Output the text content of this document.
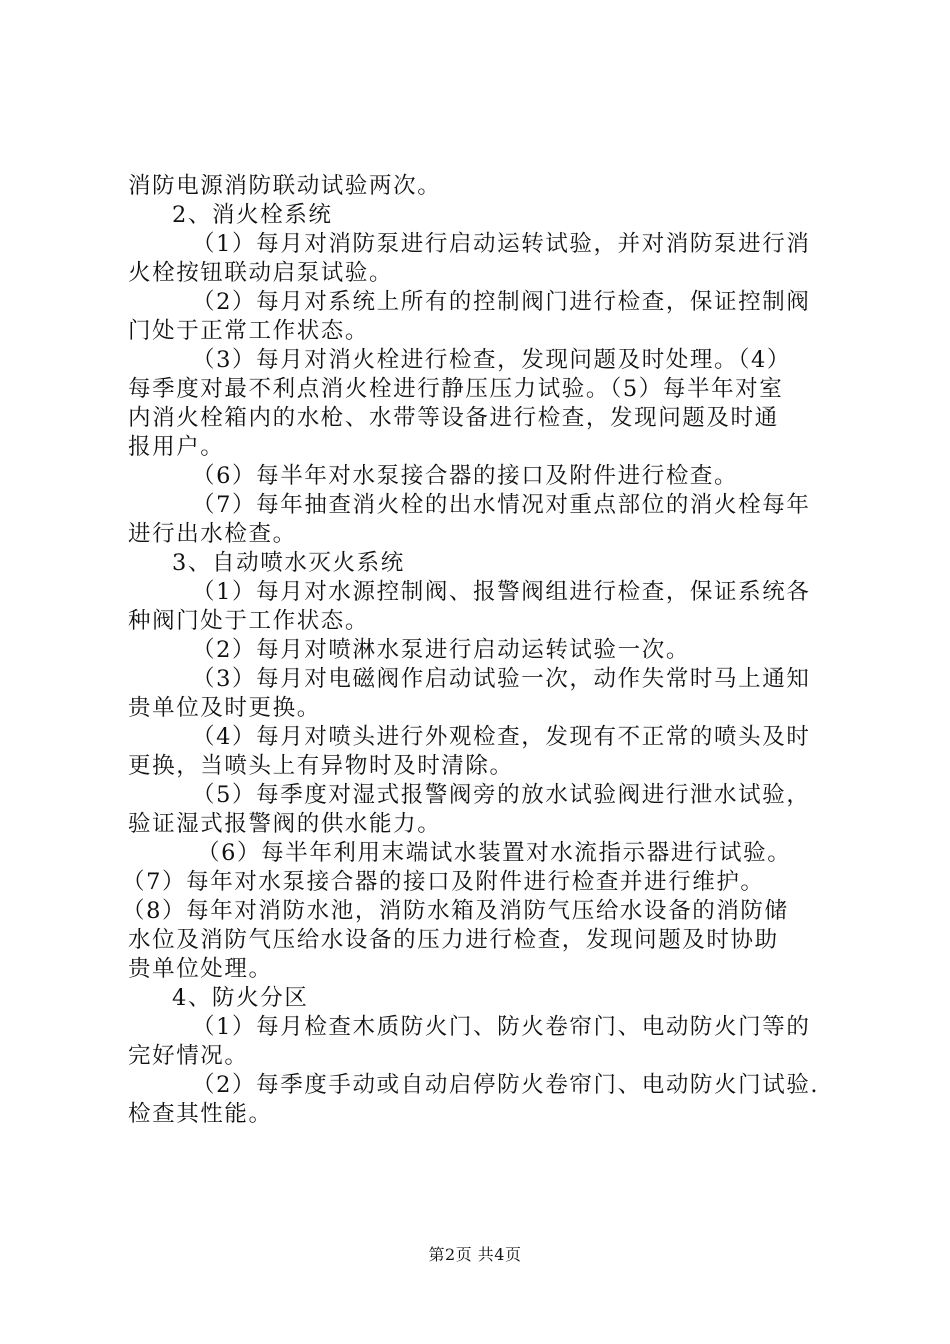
消防电源消防联动试验两次。
2、消火栓系统
（1）每月对消防泵进行启动运转试验，并对消防泵进行消
火栓按钮联动启泵试验。
（2）每月对系统上所有的控制阀门进行检查，保证控制阀
门处于正常工作状态。
（3）每月对消火栓进行检查，发现问题及时处理。（4）
每季度对最不利点消火栓进行静压压力试验。（5）每半年对室
内消火栓箱内的水枪、水带等设备进行检查，发现问题及时通
报用户。
（6）每半年对水泵接合器的接口及附件进行检查。
（7）每年抽查消火栓的出水情况对重点部位的消火栓每年
进行出水检查。
3、自动喷水灭火系统
（1）每月对水源控制阀、报警阀组进行检查，保证系统各
种阀门处于工作状态。
（2）每月对喷淋水泵进行启动运转试验一次。
（3）每月对电磁阀作启动试验一次，动作失常时马上通知
贵单位及时更换。
（4）每月对喷头进行外观检查，发现有不正常的喷头及时
更换，当喷头上有异物时及时清除。
（5）每季度对湿式报警阀旁的放水试验阀进行泄水试验，
验证湿式报警阀的供水能力。
（6）每半年利用末端试水装置对水流指示器进行试验。
（7）每年对水泵接合器的接口及附件进行检查并进行维护。
（8）每年对消防水池，消防水箱及消防气压给水设备的消防储
水位及消防气压给水设备的压力进行检查，发现问题及时协助
贵单位处理。
4、防火分区
（1）每月检查木质防火门、防火卷帘门、电动防火门等的
完好情况。
（2）每季度手动或自动启停防火卷帘门、电动防火门试验.
检查其性能。
第2页 共4页
